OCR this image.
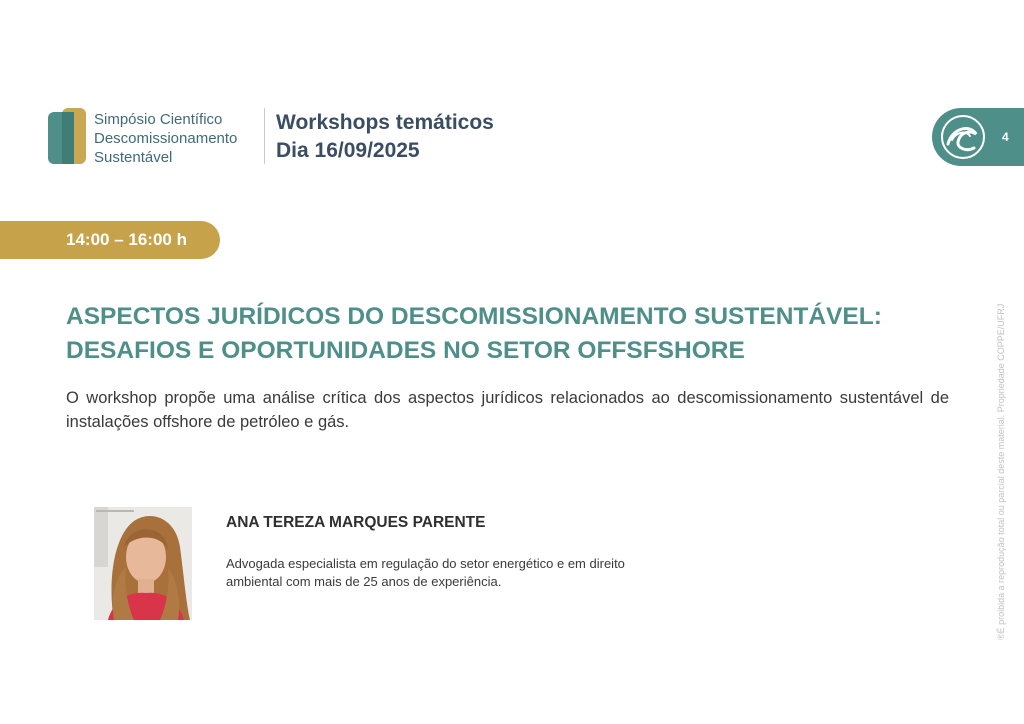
Simpósio Científico
Descomissionamento
Sustentável
Workshops temáticos
Dia 16/09/2025
4
14:00 – 16:00 h
ASPECTOS JURÍDICOS DO DESCOMISSIONAMENTO SUSTENTÁVEL:
DESAFIOS E OPORTUNIDADES NO SETOR OFFSFSHORE
O workshop propõe uma análise crítica dos aspectos jurídicos relacionados ao descomissionamento sustentável de instalações offshore de petróleo e gás.
ANA TEREZA MARQUES PARENTE
Advogada especialista em regulação do setor energético e em direito ambiental com mais de 25 anos de experiência.	®É proibida a reprodução total ou parcial deste material. Propriedade COPPE/UFRJ
